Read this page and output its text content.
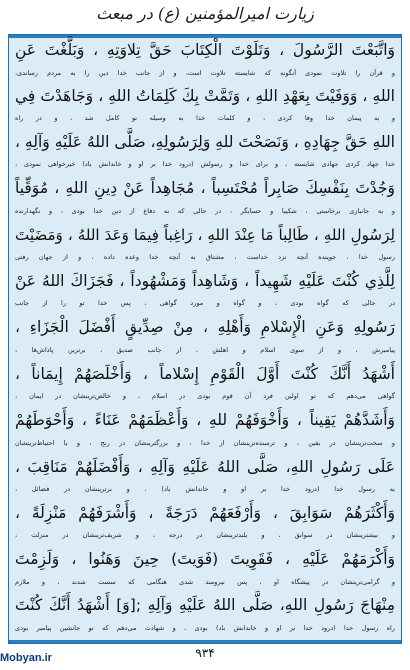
زیارت امیرالمؤمنین (ع) در مبعث
وَاتَّبَعْتَ الرَّسُولَ ، وَتَلَوْتَ الْكِتَابَ حَقَّ تِلاوَتِهِ ، وَبَلَّغْتَ عَنِ
و قرآن را تلاوت نمودی آنگونه که شایسته تلاوت است، و از جانب خدا دین را به مردم رساندی،
اللهِ ، وَوَفَيْتَ بِعَهْدِ اللهِ ، وَتَمَّتْ بِكَ كَلِمَاتُ اللهِ ، وَجَاهَدْتَ فِي
و به پیمان خدا وفا کردی ، و کلمات خدا به وسیله تو کامل شد ، و در راه
اللهِ حَقَّ جِهَادِهِ ، وَنَصَحْتَ للهِ وَلِرَسُولِهِ، صَلَّى اللهُ عَلَيْهِ وَآلِهِ ،
خدا جهاد کردی جهادی شایسته ، و برای خدا و رسولش (درود خدا بر او و خاندانش باد) خیرخواهی نمودی ،
وَجُدْتَ بِنَفْسِكَ صَابِراً مُحْتَسِباً ، مُجَاهِداً عَنْ دِينِ اللهِ ، مُوَقِّياً
و به جانبازی برخاستی ، شکیبا و حسابگر ، در حالی که به دفاع از دین خدا بودی ، و نگهدارنده
لِرَسُولِ اللهِ ، طَالِباً مَا عِنْدَ اللهِ ، رَاغِباً فِيمَا وَعَدَ اللهُ ، وَمَضَيْتَ
رسول خدا ، جوینده آنچه نزد خداست ، مشتاق به آنچه خدا وعده داده ، و از جهان رفتی
لِلَّذِي كُنْتَ عَلَيْهِ شَهِيداً ، وَشَاهِداً وَمَشْهُوداً ، فَجَزَاكَ اللهُ عَنْ
در حالی که گواه بودی ، و گواه و مورد گواهی ، پس خدا تو را از جانب
رَسُولِهِ وَعَنِ الْإِسْلامِ وَأَهْلِهِ ، مِنْ صِدِّيقٍ أَفْضَلَ الْجَزَاءِ ،
پیامبرش ، و از سوی اسلام و اهلش ، از جانب صدیق ، برترین پاداش‌ها ،
أَشْهَدُ أَنَّكَ كُنْتَ أَوَّلَ الْقَوْمِ إِسْلاماً ، وَأَخْلَصَهُمْ إِيمَاناً ،
گواهی می‌دهم که تو اولین فرد آن قوم بودی در اسلام ، و خالص‌ترینشان در ایمان ،
وَأَشَدَّهُمْ يَقِيناً ، وَأَخْوَفَهُمْ للهِ ، وَأَعْظَمَهُمْ عَنَاءً ، وَأَحْوَطَهُمْ
و سخت‌ترینشان در یقین ، و ترسنده‌ترینشان از خدا ، و بزرگترینشان در رنج ، و با احتیاط‌ترینشان
عَلَى رَسُولِ اللهِ، صَلَّى اللهُ عَلَيْهِ وَآلِهِ ، وَأَفْضَلَهُمْ مَنَاقِبَ ،
به رسول خدا (درود خدا بر او و خاندانش باد) ، و برترینشان در فضائل ،
وَأَكْثَرَهُمْ سَوَابِقَ ، وَأَرْفَعَهُمْ دَرَجَةً ، وَأَشْرَفَهُمْ مَنْزِلَةً ،
و بیشترینشان در سوابق ، و بلندترینشان در درجه ، و شریف‌ترینشان در منزلت ،
وَأَكْرَمَهُمْ عَلَيْهِ ، فَقَوِيتَ (فَوَيتَ) حِينَ وَهَنُوا ، وَلَزِمْتَ
و گرامی‌ترینشان در پیشگاه او ، پس نیرومند شدی هنگامی که سست شدند ، و ملازم
مِنْهَاجَ رَسُولِ اللهِ، صَلَّى اللهُ عَلَيْهِ وَآلِهِ ;[وَ] أَشْهَدُ أَنَّكَ كُنْتَ
راه رسول خدا (درود خدا بر او و خاندانش باد) بودی ، و شهادت می‌دهم که تو جانشین پیامبر بودی
۹۳۴
Mobyan.ir
